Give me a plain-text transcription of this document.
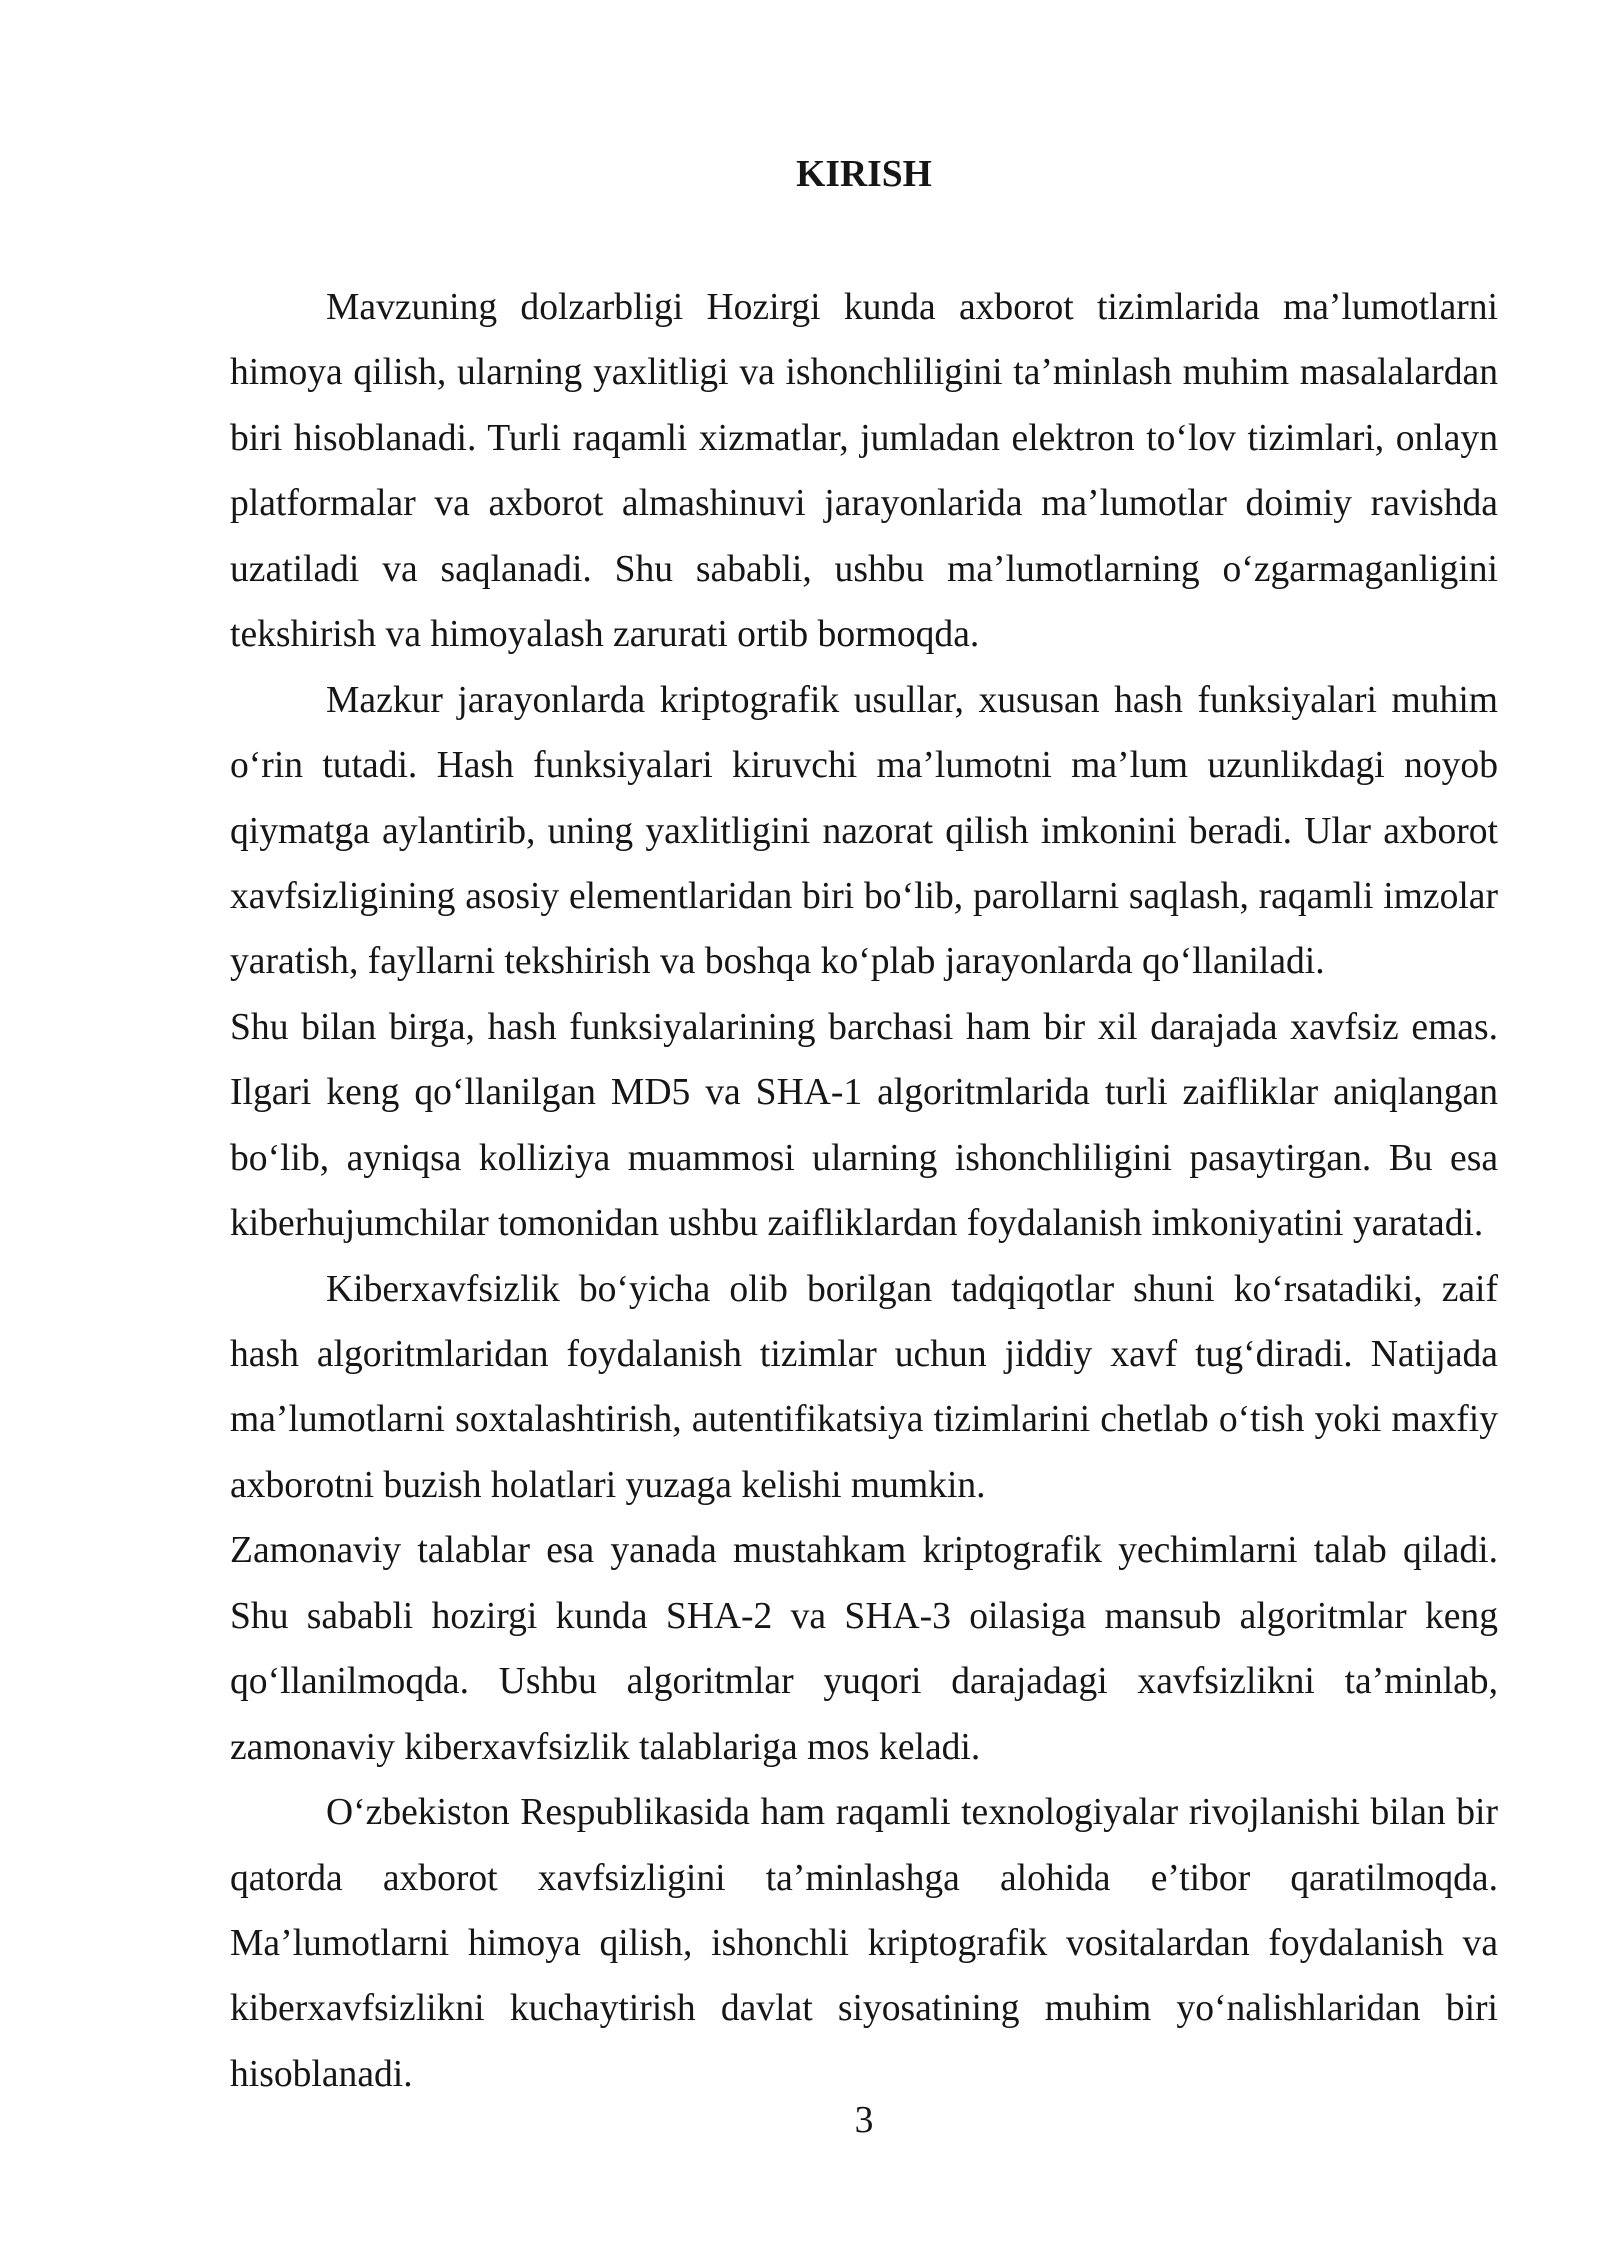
KIRISH
Mavzuning dolzarbligi Hozirgi kunda axborot tizimlarida ma’lumotlarni
himoya qilish, ularning yaxlitligi va ishonchliligini ta’minlash muhim masalalardan
biri hisoblanadi. Turli raqamli xizmatlar, jumladan elektron to‘lov tizimlari, onlayn
platformalar va axborot almashinuvi jarayonlarida ma’lumotlar doimiy ravishda
uzatiladi va saqlanadi. Shu sababli, ushbu ma’lumotlarning o‘zgarmaganligini
tekshirish va himoyalash zarurati ortib bormoqda.
Mazkur jarayonlarda kriptografik usullar, xususan hash funksiyalari muhim
o‘rin tutadi. Hash funksiyalari kiruvchi ma’lumotni ma’lum uzunlikdagi noyob
qiymatga aylantirib, uning yaxlitligini nazorat qilish imkonini beradi. Ular axborot
xavfsizligining asosiy elementlaridan biri bo‘lib, parollarni saqlash, raqamli imzolar
yaratish, fayllarni tekshirish va boshqa ko‘plab jarayonlarda qo‘llaniladi.
Shu bilan birga, hash funksiyalarining barchasi ham bir xil darajada xavfsiz emas.
Ilgari keng qo‘llanilgan MD5 va SHA-1 algoritmlarida turli zaifliklar aniqlangan
bo‘lib, ayniqsa kolliziya muammosi ularning ishonchliligini pasaytirgan. Bu esa
kiberhujumchilar tomonidan ushbu zaifliklardan foydalanish imkoniyatini yaratadi.
Kiberxavfsizlik bo‘yicha olib borilgan tadqiqotlar shuni ko‘rsatadiki, zaif
hash algoritmlaridan foydalanish tizimlar uchun jiddiy xavf tug‘diradi. Natijada
ma’lumotlarni soxtalashtirish, autentifikatsiya tizimlarini chetlab o‘tish yoki maxfiy
axborotni buzish holatlari yuzaga kelishi mumkin.
Zamonaviy talablar esa yanada mustahkam kriptografik yechimlarni talab qiladi.
Shu sababli hozirgi kunda SHA-2 va SHA-3 oilasiga mansub algoritmlar keng
qo‘llanilmoqda. Ushbu algoritmlar yuqori darajadagi xavfsizlikni ta’minlab,
zamonaviy kiberxavfsizlik talablariga mos keladi.
O‘zbekiston Respublikasida ham raqamli texnologiyalar rivojlanishi bilan bir
qatorda axborot xavfsizligini ta’minlashga alohida e’tibor qaratilmoqda.
Ma’lumotlarni himoya qilish, ishonchli kriptografik vositalardan foydalanish va
kiberxavfsizlikni kuchaytirish davlat siyosatining muhim yo‘nalishlaridan biri
hisoblanadi.
3
